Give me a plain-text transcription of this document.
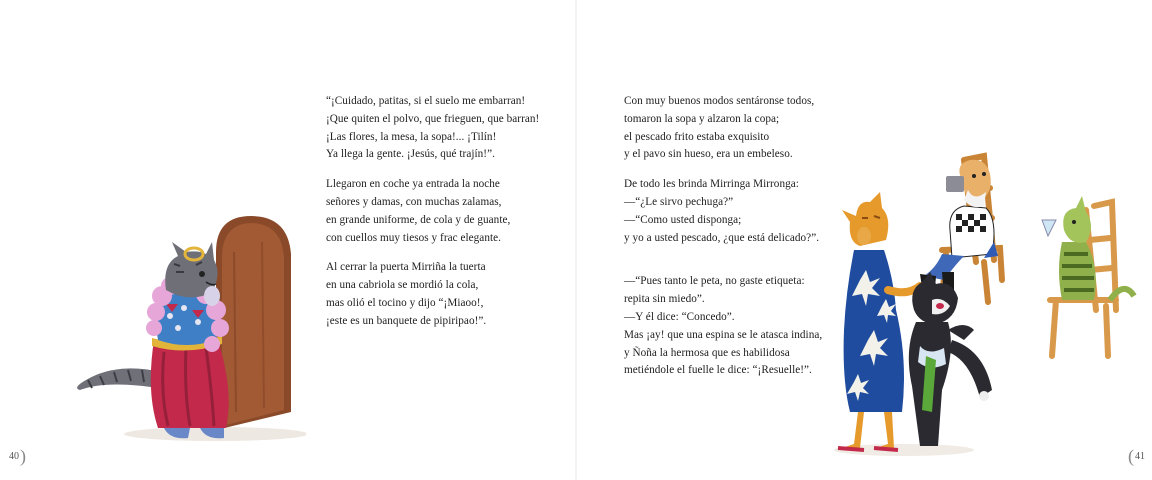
“¡Cuidado, patitas, si el suelo me embarran!
¡Que quiten el polvo, que frieguen, que barran!
¡Las flores, la mesa, la sopa!... ¡Tilín!
Ya llega la gente. ¡Jesús, qué trajín!”.
Llegaron en coche ya entrada la noche
señores y damas, con muchas zalamas,
en grande uniforme, de cola y de guante,
con cuellos muy tiesos y frac elegante.
Al cerrar la puerta Mirriña la tuerta
en una cabriola se mordió la cola,
mas olió el tocino y dijo “¡Miaoo!,
¡este es un banquete de pipiripao!”.
40 )
Con muy buenos modos sentáronse todos,
tomaron la sopa y alzaron la copa;
el pescado frito estaba exquisito
y el pavo sin hueso, era un embeleso.
De todo les brinda Mirringa Mirronga:
—“¿Le sirvo pechuga?”
—“Como usted disponga;
y yo a usted pescado, ¿que está delicado?”.
—“Pues tanto le peta, no gaste etiqueta:
repita sin miedo”.
—Y él dice: “Concedo”.
Mas ¡ay! que una espina se le atasca indina,
y Ñoña la hermosa que es habilidosa
metiéndole el fuelle le dice: “¡Resuelle!”.
( 41
